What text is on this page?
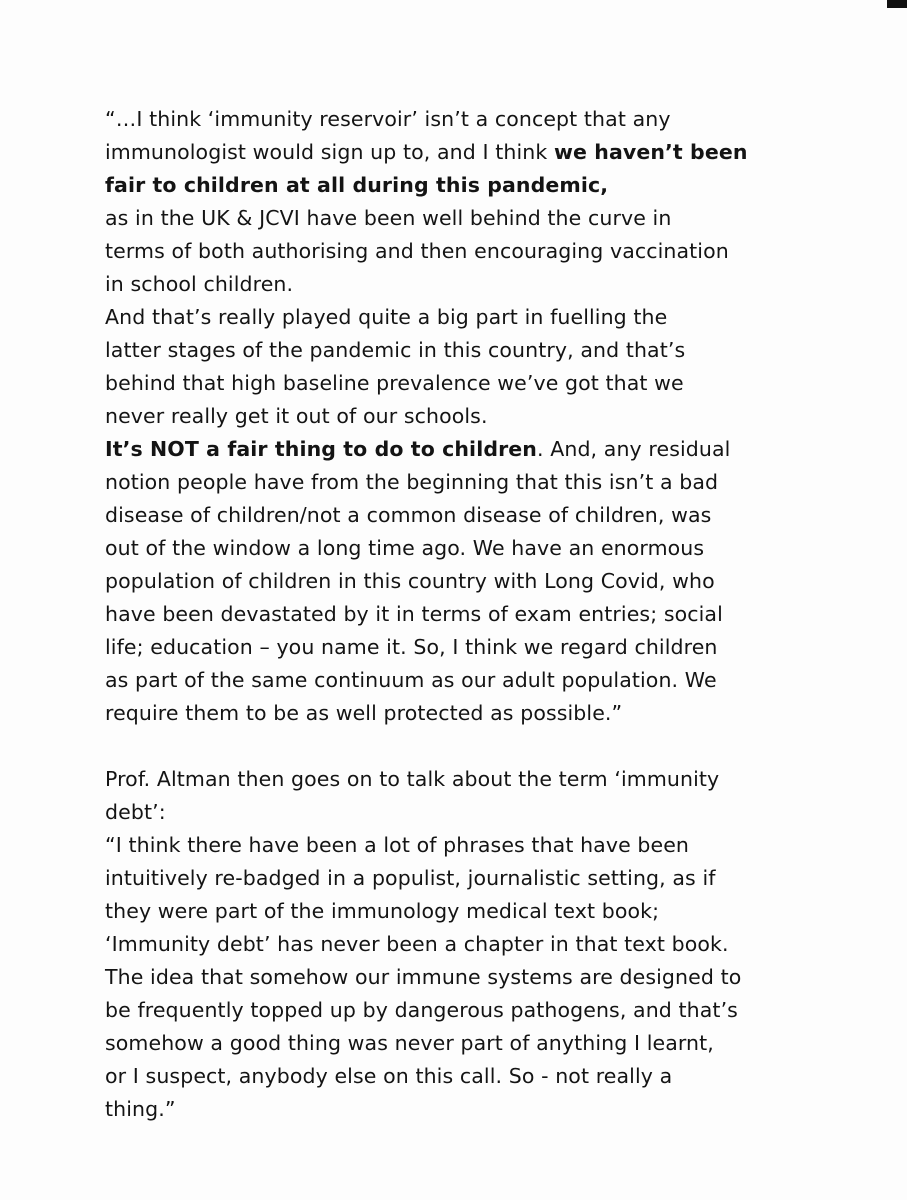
“…I think ‘immunity reservoir’ isn’t a concept that any
immunologist would sign up to, and I think we haven’t been
fair to children at all during this pandemic,
as in the UK & JCVI have been well behind the curve in
terms of both authorising and then encouraging vaccination
in school children.
And that’s really played quite a big part in fuelling the
latter stages of the pandemic in this country, and that’s
behind that high baseline prevalence we’ve got that we
never really get it out of our schools.
It’s NOT a fair thing to do to children. And, any residual
notion people have from the beginning that this isn’t a bad
disease of children/not a common disease of children, was
out of the window a long time ago. We have an enormous
population of children in this country with Long Covid, who
have been devastated by it in terms of exam entries; social
life; education – you name it. So, I think we regard children
as part of the same continuum as our adult population. We
require them to be as well protected as possible.”
Prof. Altman then goes on to talk about the term ‘immunity
debt’:
“I think there have been a lot of phrases that have been
intuitively re-badged in a populist, journalistic setting, as if
they were part of the immunology medical text book;
‘Immunity debt’ has never been a chapter in that text book.
The idea that somehow our immune systems are designed to
be frequently topped up by dangerous pathogens, and that’s
somehow a good thing was never part of anything I learnt,
or I suspect, anybody else on this call. So - not really a
thing.”
